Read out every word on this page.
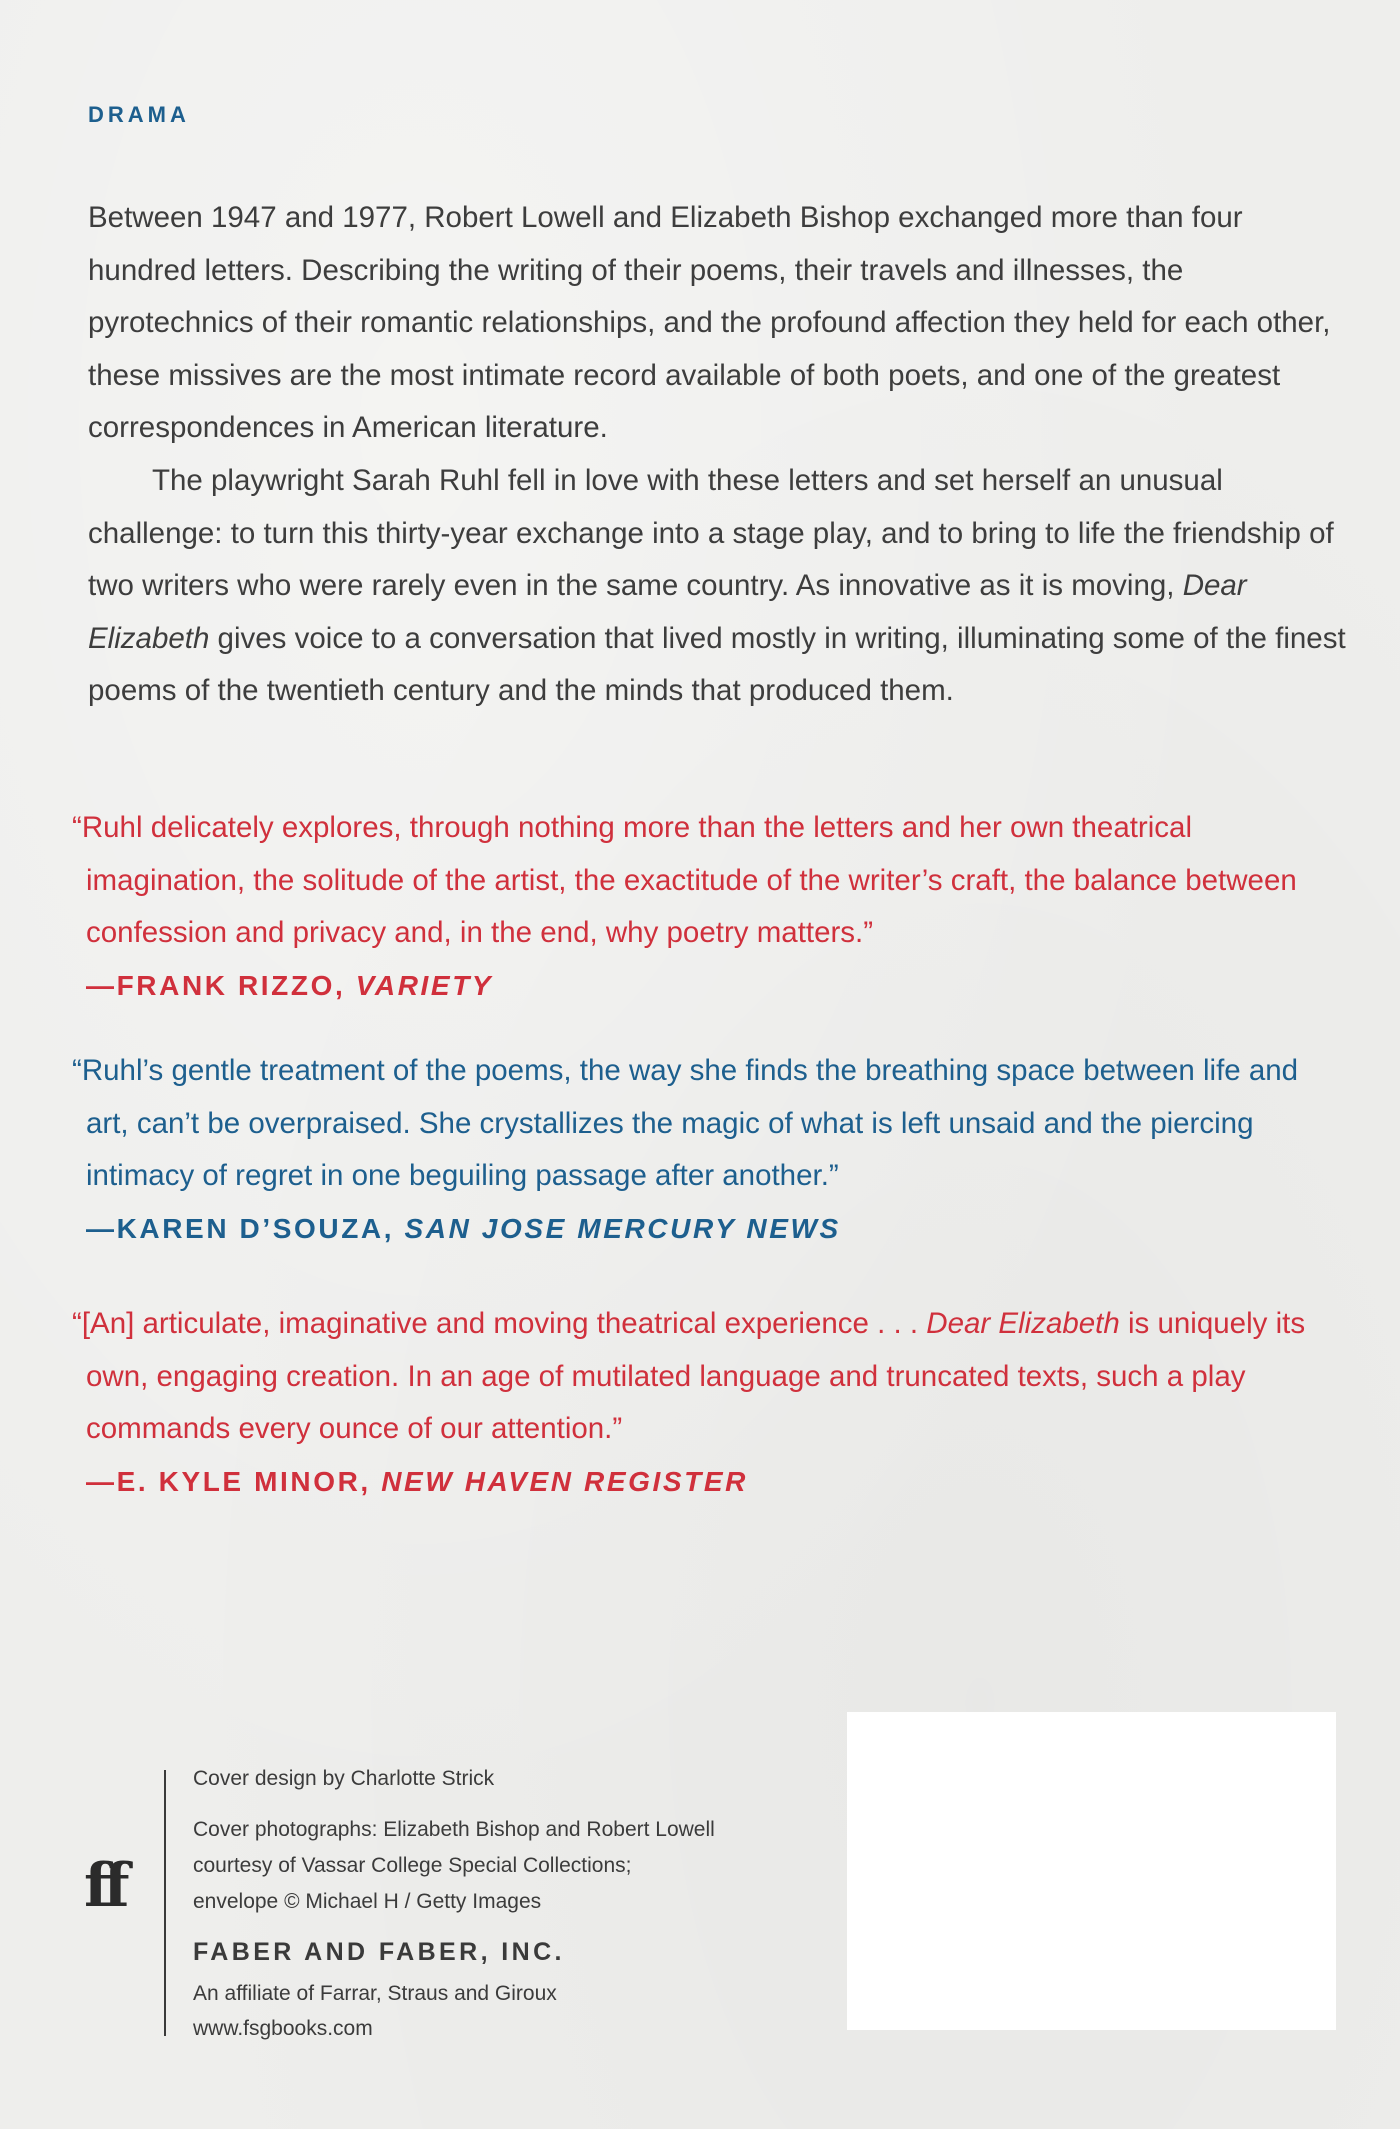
DRAMA

Between 1947 and 1977, Robert Lowell and Elizabeth Bishop exchanged more than four hundred letters. Describing the writing of their poems, their travels and illnesses, the pyrotechnics of their romantic relationships, and the profound affection they held for each other, these missives are the most intimate record available of both poets, and one of the greatest correspondences in American literature.

The playwright Sarah Ruhl fell in love with these letters and set herself an unusual challenge: to turn this thirty-year exchange into a stage play, and to bring to life the friendship of two writers who were rarely even in the same country. As innovative as it is moving, Dear Elizabeth gives voice to a conversation that lived mostly in writing, illuminating some of the finest poems of the twentieth century and the minds that produced them.

“Ruhl delicately explores, through nothing more than the letters and her own theatrical imagination, the solitude of the artist, the exactitude of the writer’s craft, the balance between confession and privacy and, in the end, why poetry matters.”

—FRANK RIZZO, VARIETY

“Ruhl’s gentle treatment of the poems, the way she finds the breathing space between life and art, can’t be overpraised. She crystallizes the magic of what is left unsaid and the piercing intimacy of regret in one beguiling passage after another.”

—KAREN D’SOUZA, SAN JOSE MERCURY NEWS

“[An] articulate, imaginative and moving theatrical experience . . . Dear Elizabeth is uniquely its own, engaging creation. In an age of mutilated language and truncated texts, such a play commands every ounce of our attention.”

—E. KYLE MINOR, NEW HAVEN REGISTER

ff

Cover design by Charlotte Strick

Cover photographs: Elizabeth Bishop and Robert Lowell
courtesy of Vassar College Special Collections;
envelope © Michael H / Getty Images

FABER AND FABER, INC.

An affiliate of Farrar, Straus and Giroux
www.fsgbooks.com
